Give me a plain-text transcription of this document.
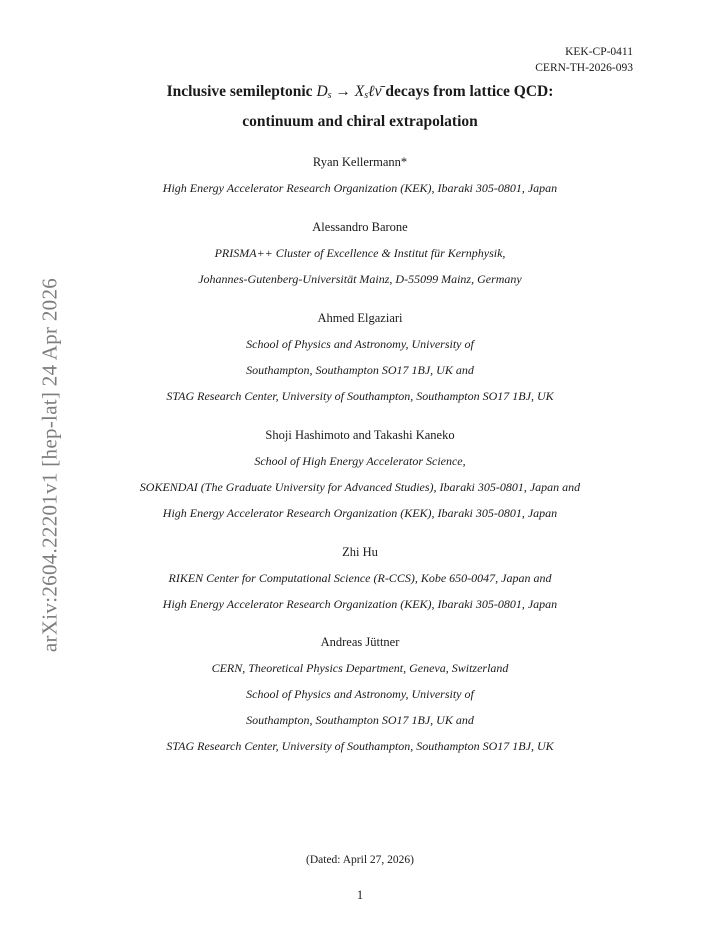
arXiv:2604.22201v1 [hep-lat] 24 Apr 2026
KEK-CP-0411
CERN-TH-2026-093
Inclusive semileptonic $D_s$ → $X_s\ell\nū$ decays from lattice QCD:
continuum and chiral extrapolation
Ryan Kellermann*
High Energy Accelerator Research Organization (KEK), Ibaraki 305-0801, Japan
Alessandro Barone
PRISMA++ Cluster of Excellence & Institut für Kernphysik,
Johannes-Gutenberg-Universität Mainz, D-55099 Mainz, Germany
Ahmed Elgaziari
School of Physics and Astronomy, University of
Southampton, Southampton SO17 1BJ, UK and
STAG Research Center, University of Southampton, Southampton SO17 1BJ, UK
Shoji Hashimoto and Takashi Kaneko
School of High Energy Accelerator Science,
SOKENDAI (The Graduate University for Advanced Studies), Ibaraki 305-0801, Japan and
High Energy Accelerator Research Organization (KEK), Ibaraki 305-0801, Japan
Zhi Hu
RIKEN Center for Computational Science (R-CCS), Kobe 650-0047, Japan and
High Energy Accelerator Research Organization (KEK), Ibaraki 305-0801, Japan
Andreas Jüttner
CERN, Theoretical Physics Department, Geneva, Switzerland
School of Physics and Astronomy, University of
Southampton, Southampton SO17 1BJ, UK and
STAG Research Center, University of Southampton, Southampton SO17 1BJ, UK
(Dated: April 27, 2026)
1
